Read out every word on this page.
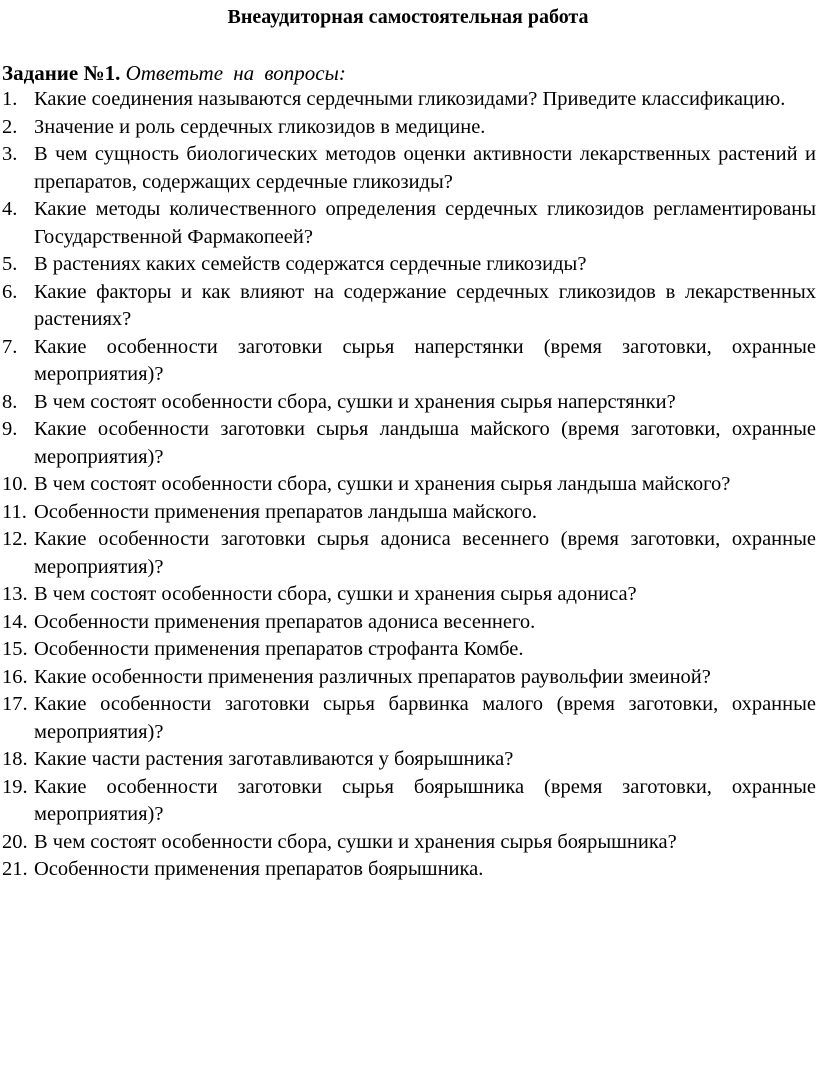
Внеаудиторная самостоятельная работа
Задание №1. Ответьте на вопросы:
1. Какие соединения называются сердечными гликозидами? Приведите классификацию.
2. Значение и роль сердечных гликозидов в медицине.
3. В чем сущность биологических методов оценки активности лекарственных растений и препаратов, содержащих сердечные гликозиды?
4. Какие методы количественного определения сердечных гликозидов регламентированы Государственной Фармакопеей?
5. В растениях каких семейств содержатся сердечные гликозиды?
6. Какие факторы и как влияют на содержание сердечных гликозидов в лекарственных растениях?
7. Какие особенности заготовки сырья наперстянки (время заготовки, охранные мероприятия)?
8. В чем состоят особенности сбора, сушки и хранения сырья наперстянки?
9. Какие особенности заготовки сырья ландыша майского (время заготовки, охранные мероприятия)?
10. В чем состоят особенности сбора, сушки и хранения сырья ландыша майского?
11. Особенности применения препаратов ландыша майского.
12. Какие особенности заготовки сырья адониса весеннего (время заготовки, охранные мероприятия)?
13. В чем состоят особенности сбора, сушки и хранения сырья адониса?
14. Особенности применения препаратов адониса весеннего.
15. Особенности применения препаратов строфанта Комбе.
16. Какие особенности применения различных препаратов раувольфии змеиной?
17. Какие особенности заготовки сырья барвинка малого (время заготовки, охранные мероприятия)?
18. Какие части растения заготавливаются у боярышника?
19. Какие особенности заготовки сырья боярышника (время заготовки, охранные мероприятия)?
20. В чем состоят особенности сбора, сушки и хранения сырья боярышника?
21. Особенности применения препаратов боярышника.
